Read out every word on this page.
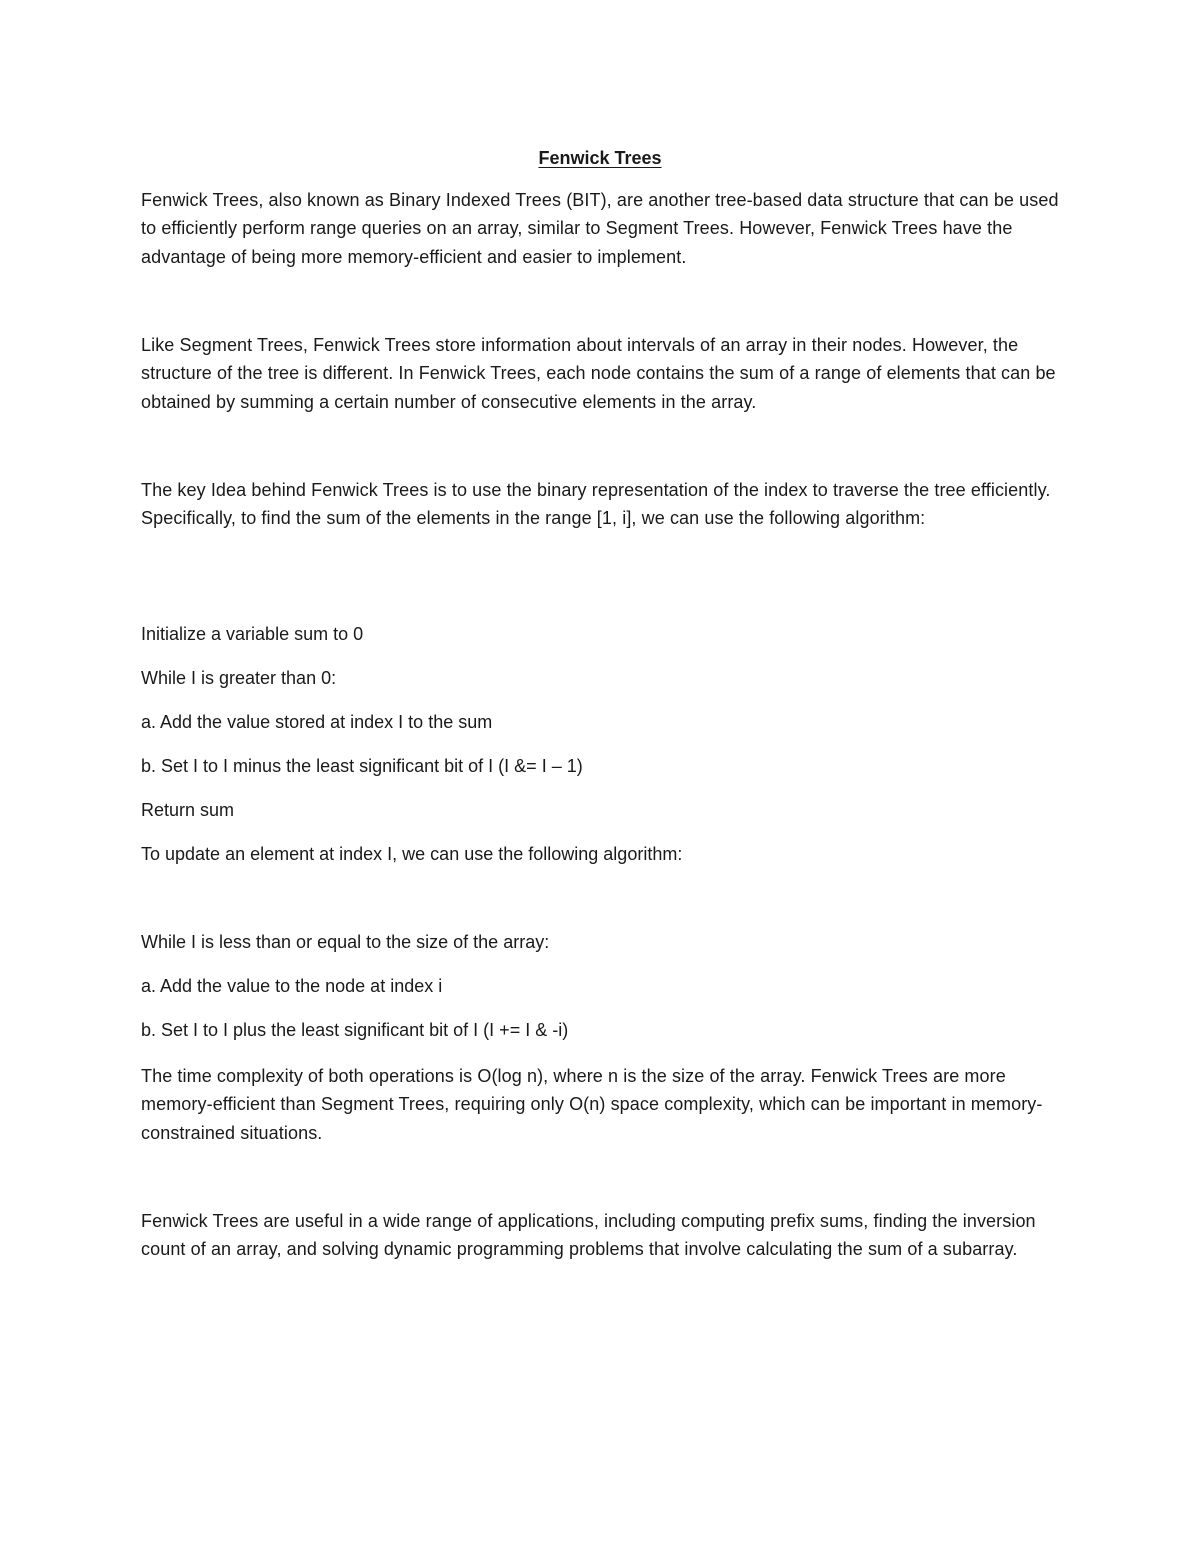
Fenwick Trees

Fenwick Trees, also known as Binary Indexed Trees (BIT), are another tree-based data structure that can be used to efficiently perform range queries on an array, similar to Segment Trees. However, Fenwick Trees have the advantage of being more memory-efficient and easier to implement.

Like Segment Trees, Fenwick Trees store information about intervals of an array in their nodes. However, the structure of the tree is different. In Fenwick Trees, each node contains the sum of a range of elements that can be obtained by summing a certain number of consecutive elements in the array.

The key Idea behind Fenwick Trees is to use the binary representation of the index to traverse the tree efficiently. Specifically, to find the sum of the elements in the range [1, i], we can use the following algorithm:

Initialize a variable sum to 0

While I is greater than 0:

a. Add the value stored at index I to the sum

b. Set I to I minus the least significant bit of I (I &= I – 1)

Return sum

To update an element at index I, we can use the following algorithm:

While I is less than or equal to the size of the array:

a. Add the value to the node at index i

b. Set I to I plus the least significant bit of I (I += I & -i)

The time complexity of both operations is O(log n), where n is the size of the array. Fenwick Trees are more memory-efficient than Segment Trees, requiring only O(n) space complexity, which can be important in memory-constrained situations.

Fenwick Trees are useful in a wide range of applications, including computing prefix sums, finding the inversion count of an array, and solving dynamic programming problems that involve calculating the sum of a subarray.
